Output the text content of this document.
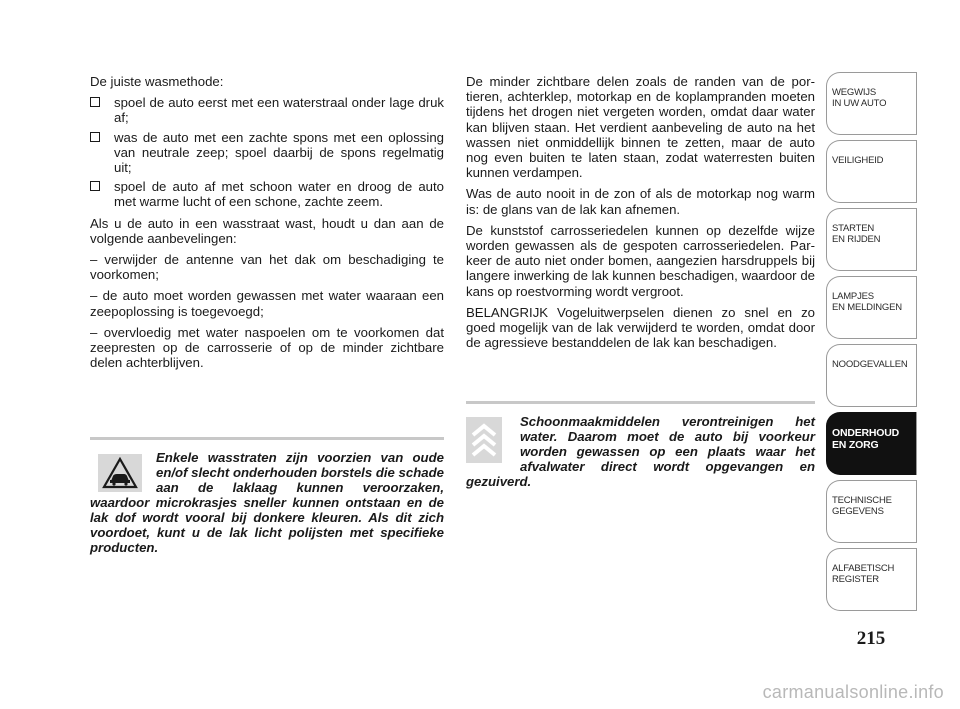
De juiste wasmethode:

spoel de auto eerst met een waterstraal onder lage druk af;
was de auto met een zachte spons met een oplossing van neutrale zeep; spoel daarbij de spons regelmatig uit;
spoel de auto af met schoon water en droog de auto met warme lucht of een schone, zachte zeem.

Als u de auto in een wasstraat wast, houdt u dan aan de volgende aanbevelingen:

– verwijder de antenne van het dak om beschadiging te voorkomen;

– de auto moet worden gewassen met water waaraan een zeepoplossing is toegevoegd;

– overvloedig met water naspoelen om te voorkomen dat zeepresten op de carrosserie of op de minder zichtbare delen achterblijven.

Enkele wasstraten zijn voorzien van oude en/of slecht onderhouden borstels die schade aan de laklaag kunnen veroorzaken, waardoor microkrasjes sneller kunnen ontstaan en de lak dof wordt vooral bij donkere kleuren. Als dit zich voordoet, kunt u de lak licht polijsten met specifieke producten.

De minder zichtbare delen zoals de randen van de portieren, achterklep, motorkap en de koplampranden moeten tijdens het drogen niet vergeten worden, omdat daar water kan blijven staan. Het verdient aanbeveling de auto na het wassen niet onmiddellijk binnen te zetten, maar de auto nog even buiten te laten staan, zodat waterresten buiten kunnen verdampen.

Was de auto nooit in de zon of als de motorkap nog warm is: de glans van de lak kan afnemen.

De kunststof carrosseriedelen kunnen op dezelfde wijze worden gewassen als de gespoten carrosseriedelen. Parkeer de auto niet onder bomen, aangezien harsdruppels bij langere inwerking de lak kunnen beschadigen, waardoor de kans op roestvorming wordt vergroot.

BELANGRIJK Vogeluitwerpselen dienen zo snel en zo goed mogelijk van de lak verwijderd te worden, omdat door de agressieve bestanddelen de lak kan beschadigen.

Schoonmaakmiddelen verontreinigen het water. Daarom moet de auto bij voorkeur worden gewassen op een plaats waar het afvalwater direct wordt opgevangen en gezuiverd.

WEGWIJS
IN UW AUTO
VEILIGHEID
STARTEN
EN RIJDEN
LAMPJES
EN MELDINGEN
NOODGEVALLEN
ONDERHOUD
EN ZORG
TECHNISCHE
GEGEVENS
ALFABETISCH
REGISTER
215
carmanualsonline.info
